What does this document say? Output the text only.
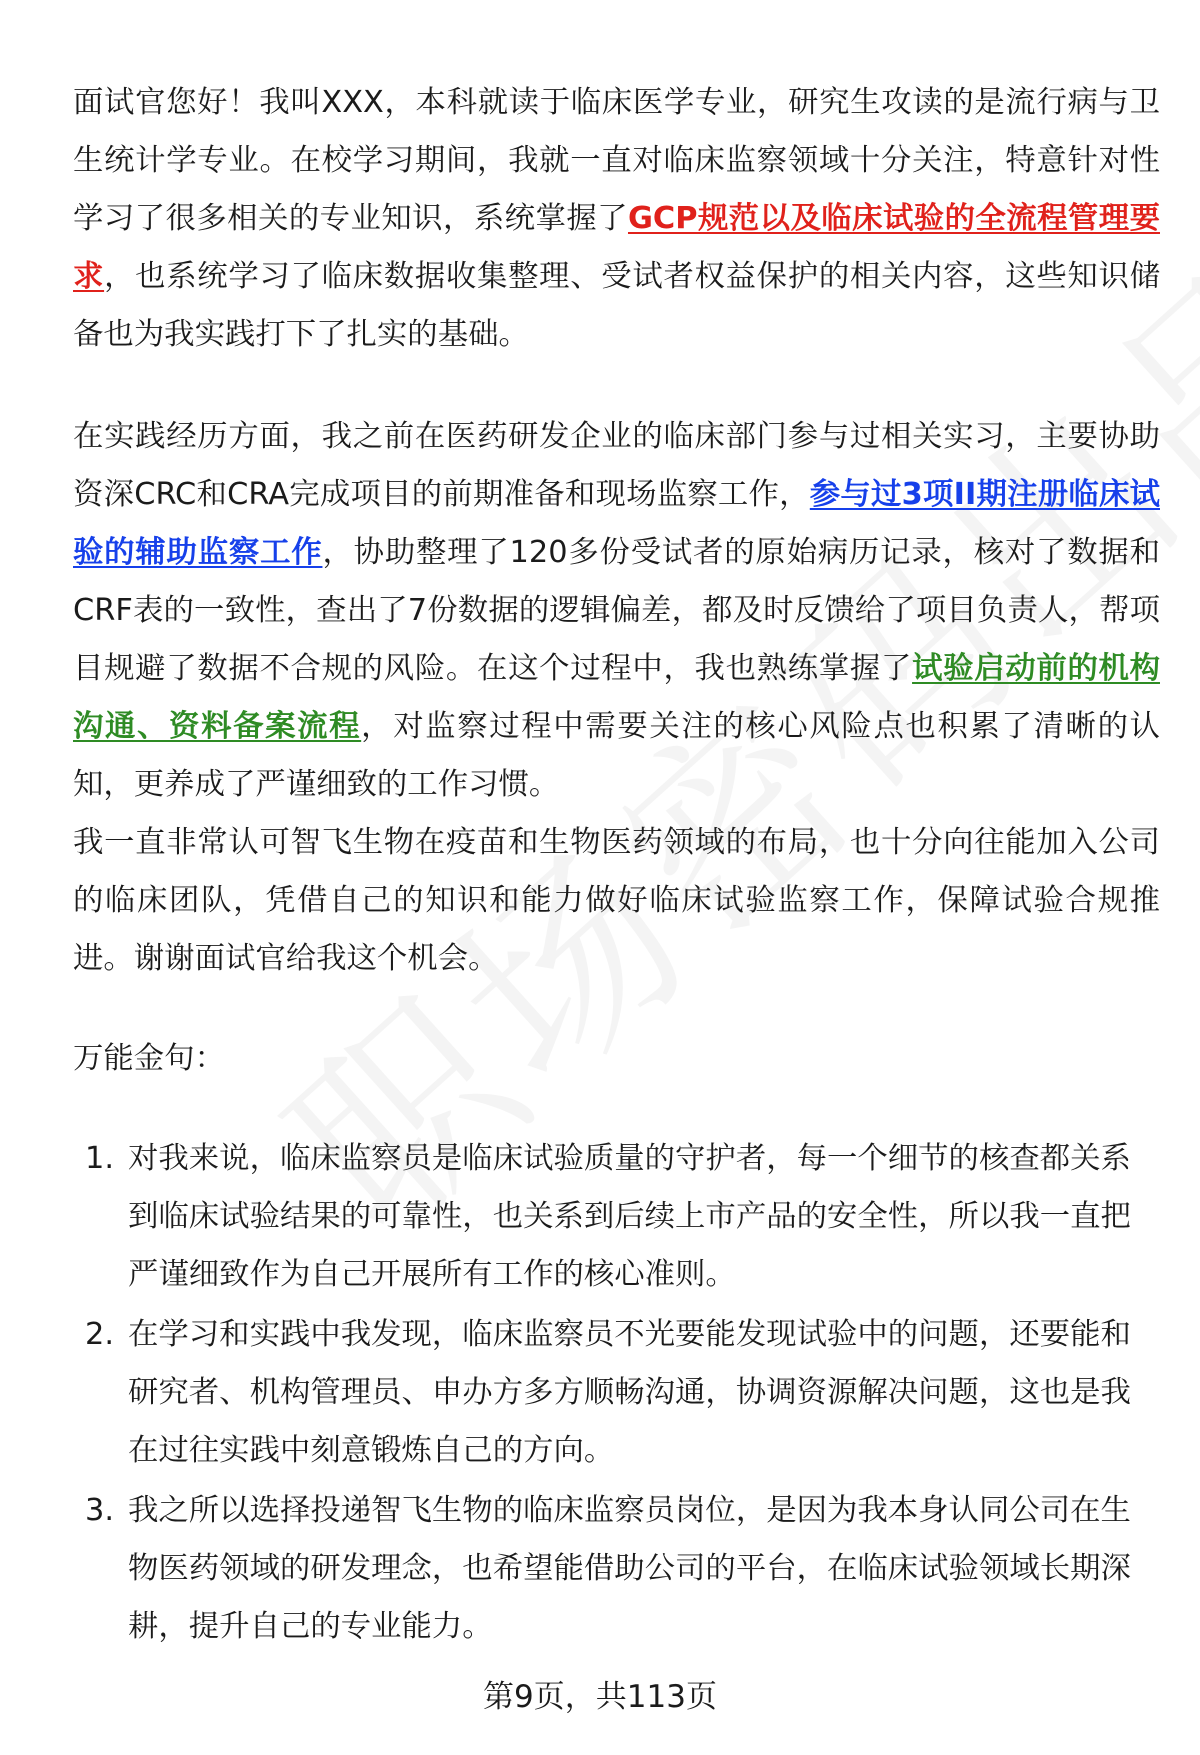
面试官您好！我叫XXX，本科就读于临床医学专业，研究生攻读的是流行病与卫生统计学专业。在校学习期间，我就一直对临床监察领域十分关注，特意针对性学习了很多相关的专业知识，系统掌握了GCP规范以及临床试验的全流程管理要求，也系统学习了临床数据收集整理、受试者权益保护的相关内容，这些知识储备也为我实践打下了扎实的基础。

在实践经历方面，我之前在医药研发企业的临床部门参与过相关实习，主要协助资深CRC和CRA完成项目的前期准备和现场监察工作，参与过3项II期注册临床试验的辅助监察工作，协助整理了120多份受试者的原始病历记录，核对了数据和CRF表的一致性，查出了7份数据的逻辑偏差，都及时反馈给了项目负责人，帮项目规避了数据不合规的风险。在这个过程中，我也熟练掌握了试验启动前的机构沟通、资料备案流程，对监察过程中需要关注的核心风险点也积累了清晰的认知，更养成了严谨细致的工作习惯。

我一直非常认可智飞生物在疫苗和生物医药领域的布局，也十分向往能加入公司的临床团队，凭借自己的知识和能力做好临床试验监察工作，保障试验合规推进。谢谢面试官给我这个机会。

万能金句：

1. 对我来说，临床监察员是临床试验质量的守护者，每一个细节的核查都关系到临床试验结果的可靠性，也关系到后续上市产品的安全性，所以我一直把严谨细致作为自己开展所有工作的核心准则。
2. 在学习和实践中我发现，临床监察员不光要能发现试验中的问题，还要能和研究者、机构管理员、申办方多方顺畅沟通，协调资源解决问题，这也是我在过往实践中刻意锻炼自己的方向。
3. 我之所以选择投递智飞生物的临床监察员岗位，是因为我本身认同公司在生物医药领域的研发理念，也希望能借助公司的平台，在临床试验领域长期深耕，提升自己的专业能力。
第9页，共113页
